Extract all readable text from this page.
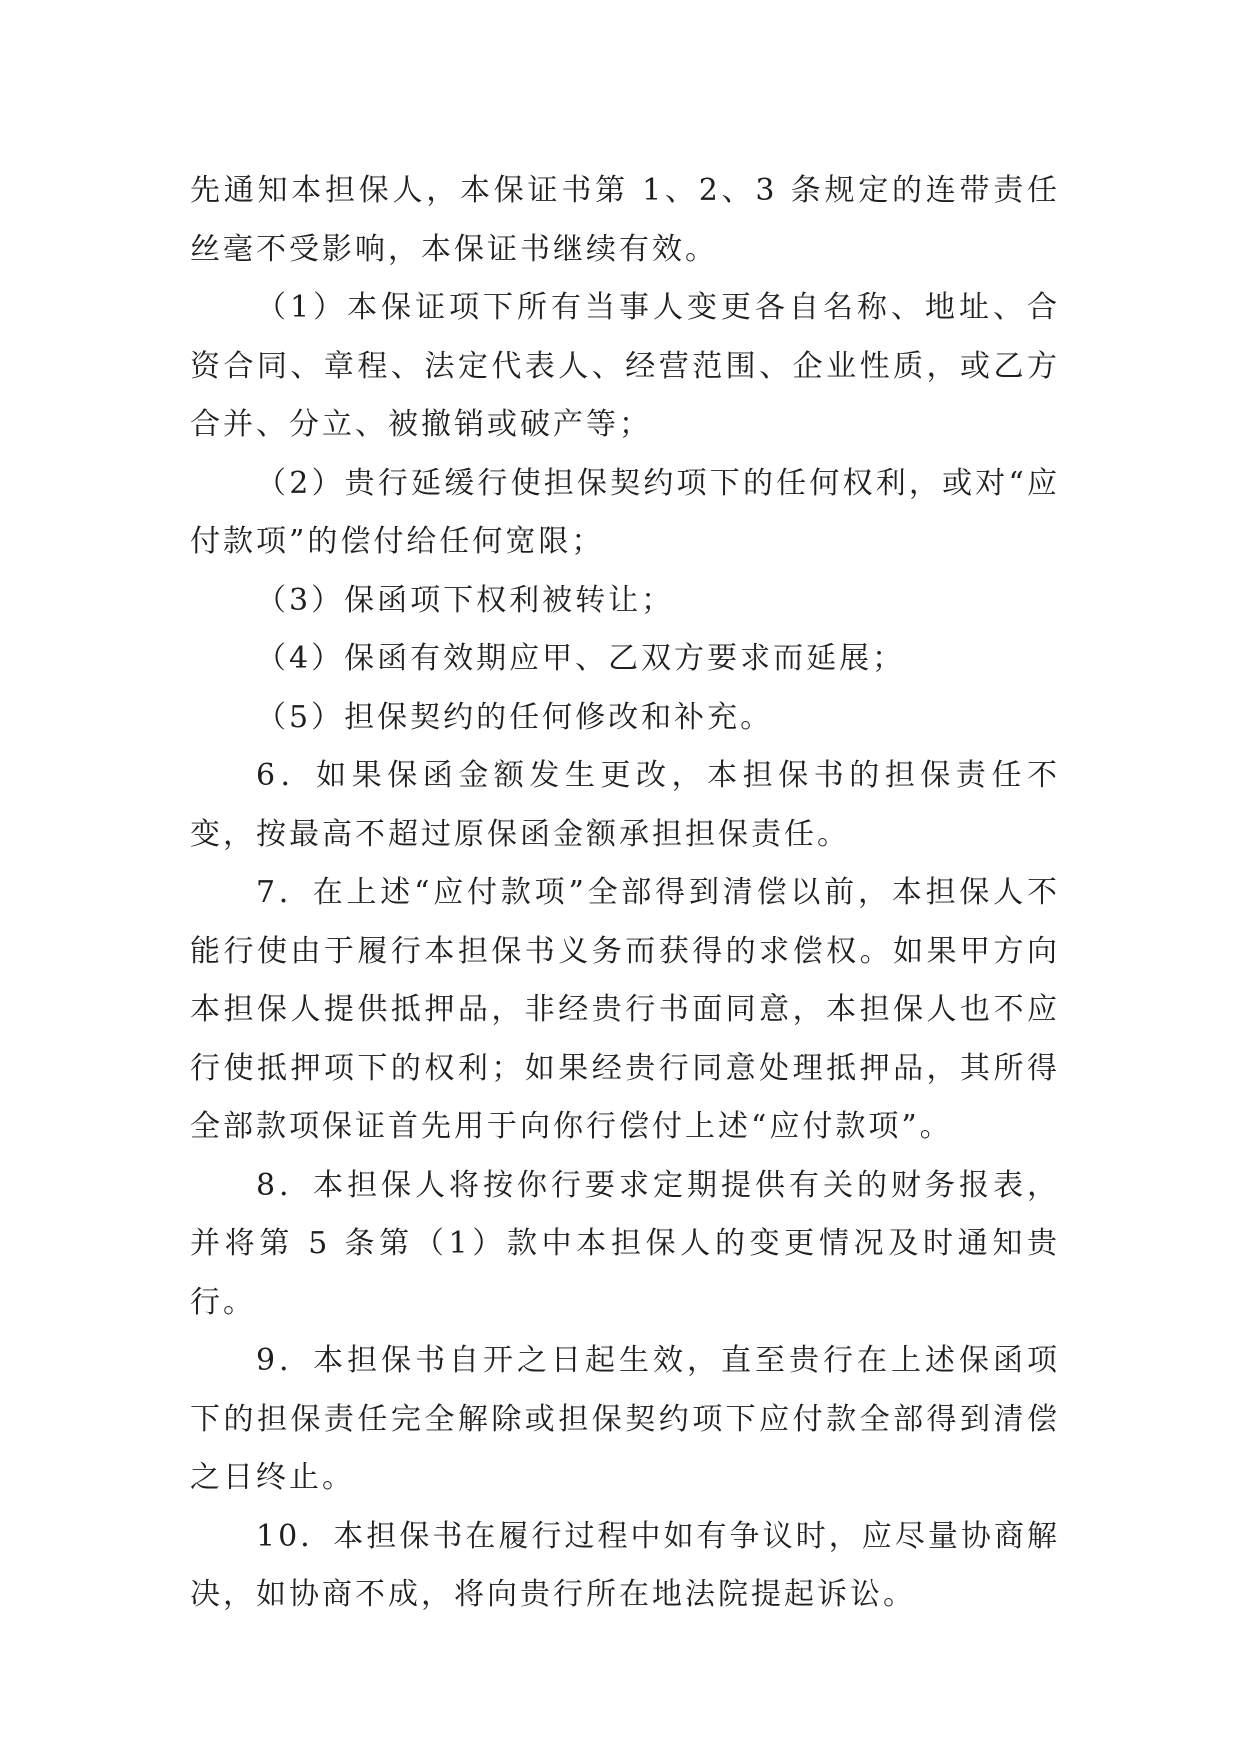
先通知本担保人，本保证书第 1、2、3 条规定的连带责任丝毫不受影响，本保证书继续有效。

（1）本保证项下所有当事人变更各自名称、地址、合资合同、章程、法定代表人、经营范围、企业性质，或乙方合并、分立、被撤销或破产等；

（2）贵行延缓行使担保契约项下的任何权利，或对“应付款项”的偿付给任何宽限；

（3）保函项下权利被转让；

（4）保函有效期应甲、乙双方要求而延展；

（5）担保契约的任何修改和补充。

6．如果保函金额发生更改，本担保书的担保责任不变，按最高不超过原保函金额承担担保责任。

7．在上述“应付款项”全部得到清偿以前，本担保人不能行使由于履行本担保书义务而获得的求偿权。如果甲方向本担保人提供抵押品，非经贵行书面同意，本担保人也不应行使抵押项下的权利；如果经贵行同意处理抵押品，其所得全部款项保证首先用于向你行偿付上述“应付款项”。

8．本担保人将按你行要求定期提供有关的财务报表，并将第 5 条第（1）款中本担保人的变更情况及时通知贵行。

9．本担保书自开之日起生效，直至贵行在上述保函项下的担保责任完全解除或担保契约项下应付款全部得到清偿之日终止。

10．本担保书在履行过程中如有争议时，应尽量协商解决，如协商不成，将向贵行所在地法院提起诉讼。
